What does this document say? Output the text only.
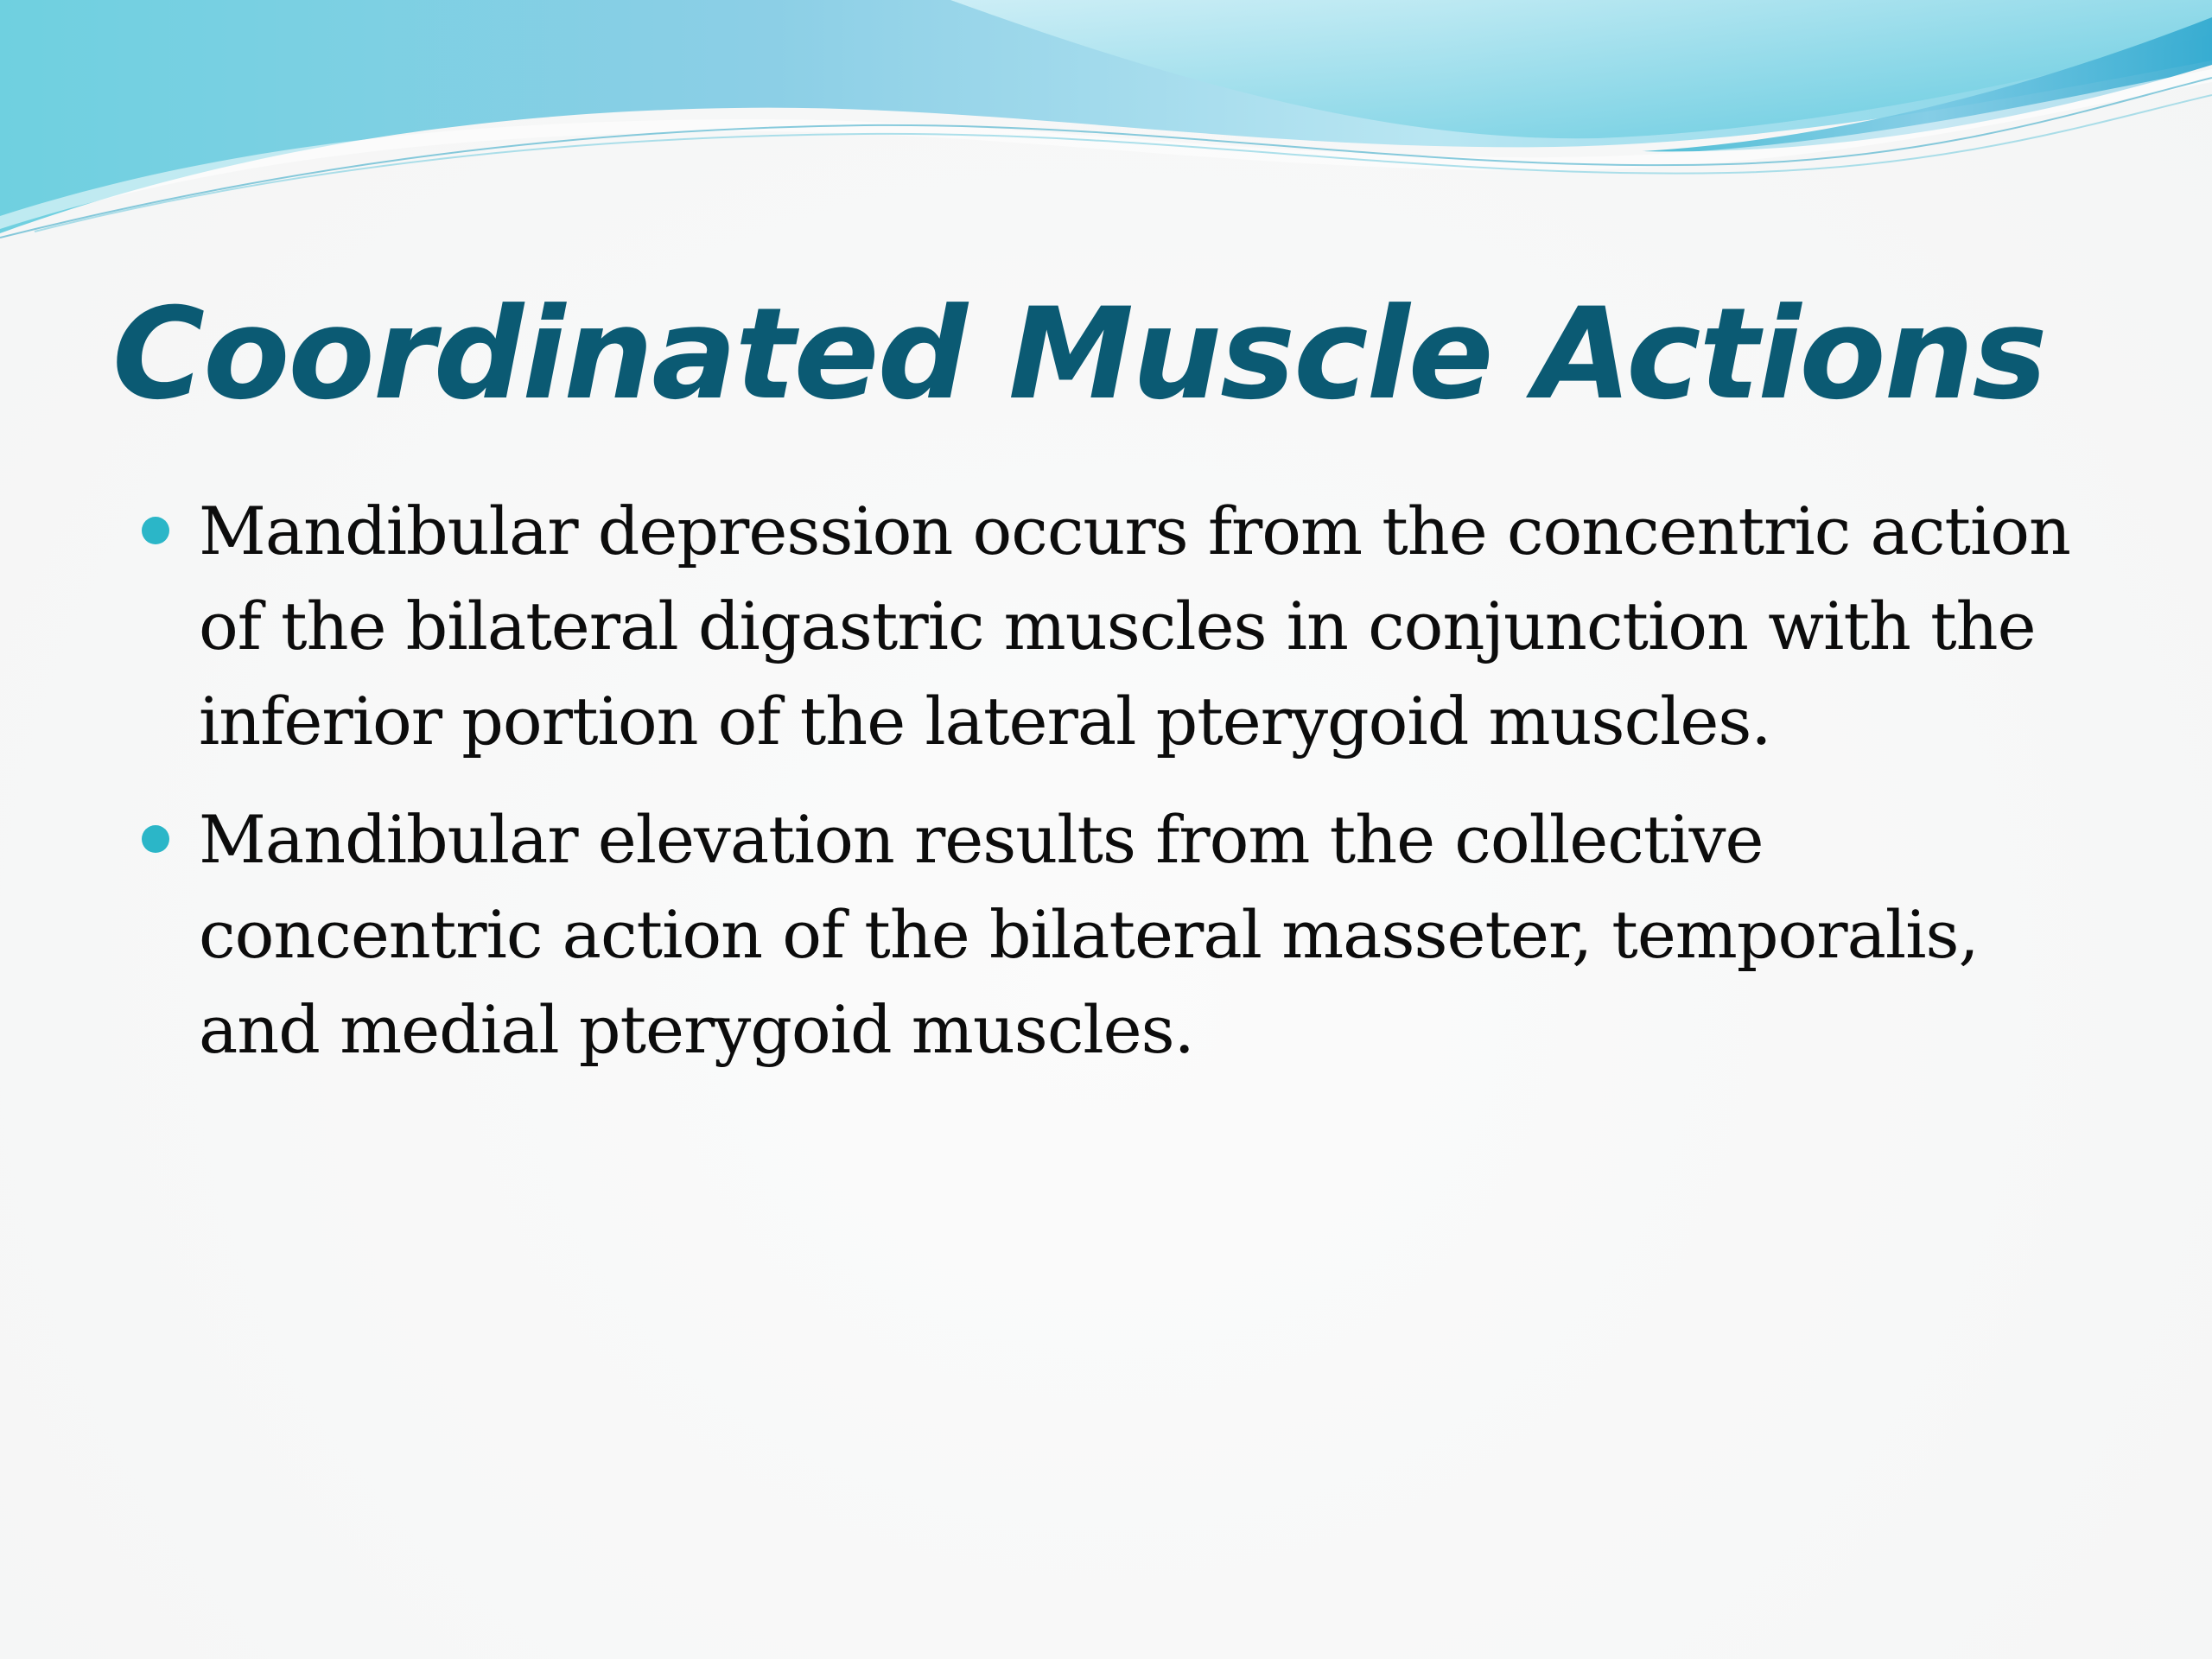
Coordinated Muscle Actions
Mandibular depression occurs from the concentric action of the bilateral digastric muscles in conjunction with the inferior portion of the lateral pterygoid muscles.
Mandibular elevation results from the collective concentric action of the bilateral masseter, temporalis, and medial pterygoid muscles.
